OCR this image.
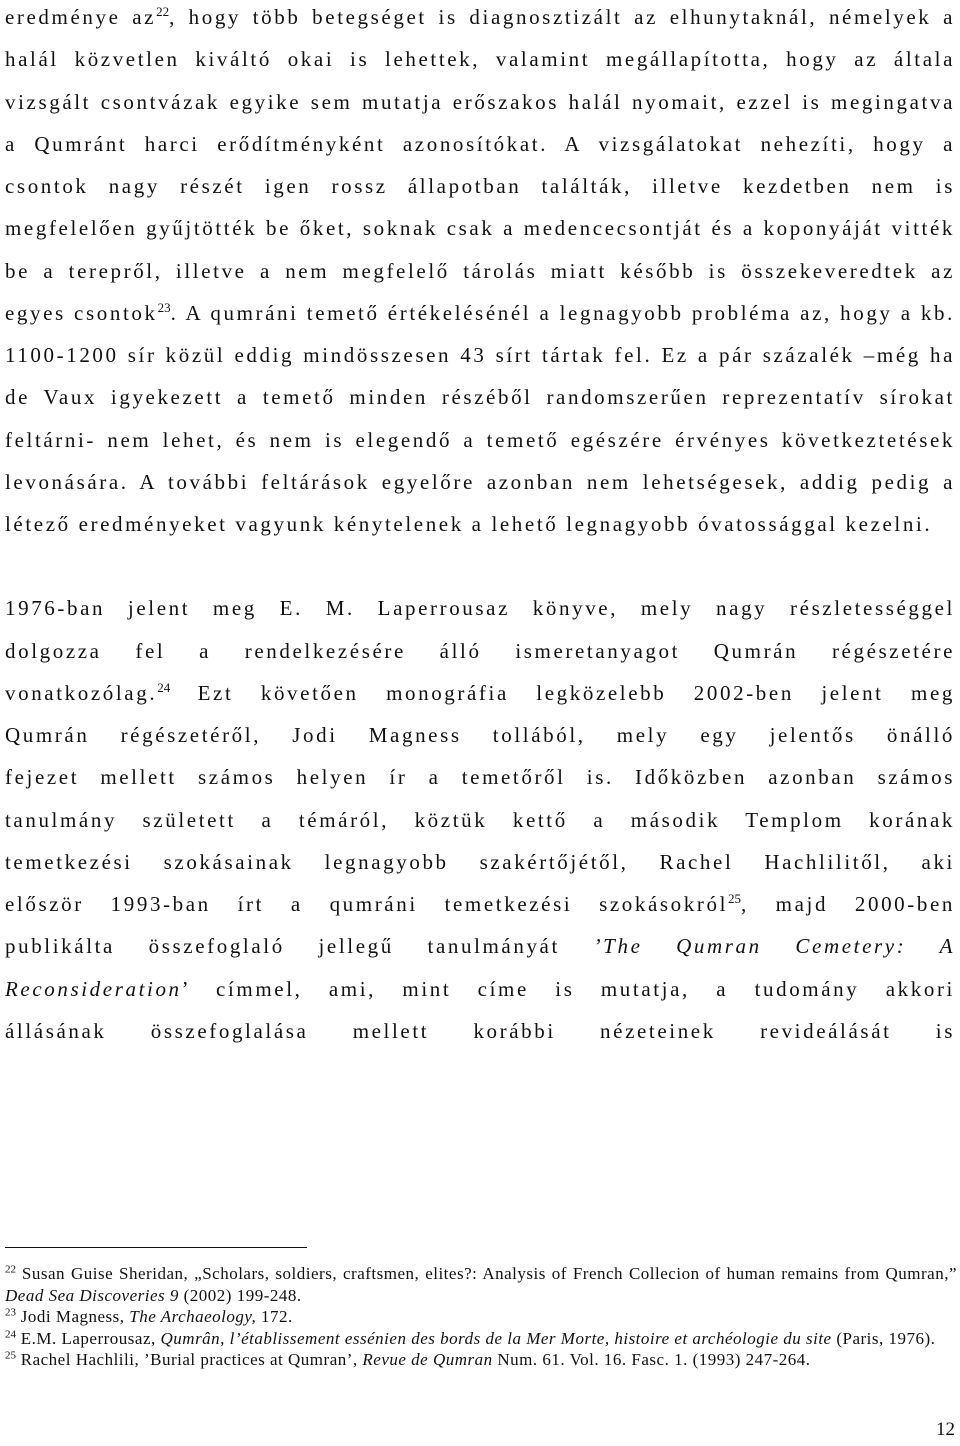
eredménye $az^{22}$, hogy több betegséget is diagnosztizált az elhunytaknál, némelyek a halál közvetlen kiváltó okai is lehettek, valamint megállapította, hogy az általa vizsgált csontvázak egyike sem mutatja erőszakos halál nyomait, ezzel is megingatva a Qumránt harci erődítményként azonosítókat. A vizsgálatokat nehezíti, hogy a csontok nagy részét igen rossz állapotban találták, illetve kezdetben nem is megfelelően gyűjtötték be őket, soknak csak a medencecsontját és a koponyáját vitték be a terepről, illetve a nem megfelelő tárolás miatt később is összekeveredtek az egyes csontok$^{23}$. A qumráni temető értékelésénél a legnagyobb probléma az, hogy a kb. 1100-1200 sír közül eddig mindösszesen 43 sírt tártak fel. Ez a pár százalék –még ha de Vaux igyekezett a temető minden részéből randomszerűen reprezentatív sírokat feltárni- nem lehet, és nem is elegendő a temető egészére érvényes következtetések levonására. A további feltárások egyelőre azonban nem lehetségesek, addig pedig a létező eredményeket vagyunk kénytelenek a lehető legnagyobb óvatossággal kezelni.

1976-ban jelent meg E. M. Laperrousaz könyve, mely nagy részletességgel
dolgozza fel a rendelkezésére álló ismeretanyagot Qumrán régészetére
vonatkozólag.$^{24}$ Ezt követően monográfia legközelebb 2002-ben jelent meg
Qumrán régészetéről, Jodi Magness tollából, mely egy jelentős önálló
fejezet mellett számos helyen ír a temetőről is. Időközben azonban számos
tanulmány született a témáról, köztük kettő a második Templom korának
temetkezési szokásainak legnagyobb szakértőjétől, Rachel Hachlilitől, aki
először 1993-ban írt a qumráni temetkezési szokásokról$^{25}$, majd 2000-ben
publikálta összefoglaló jellegű tanulmányát ’The Qumran Cemetery: A
Reconsideration’ címmel, ami, mint címe is mutatja, a tudomány akkori
állásának összefoglalása mellett korábbi nézeteinek revideálását is

$^{22}$ Susan Guise Sheridan, „Scholars, soldiers, craftsmen, elites?: Analysis of French Collecion of human remains from Qumran,” Dead Sea Discoveries 9 (2002) 199-248.

$^{23}$ Jodi Magness, The Archaeology, 172.

$^{24}$ E.M. Laperrousaz, Qumrân, l’établissement essénien des bords de la Mer Morte, histoire et archéologie du site (Paris, 1976).

$^{25}$ Rachel Hachlili, ’Burial practices at Qumran’, Revue de Qumran Num. 61. Vol. 16. Fasc. 1. (1993) 247-264.

12
